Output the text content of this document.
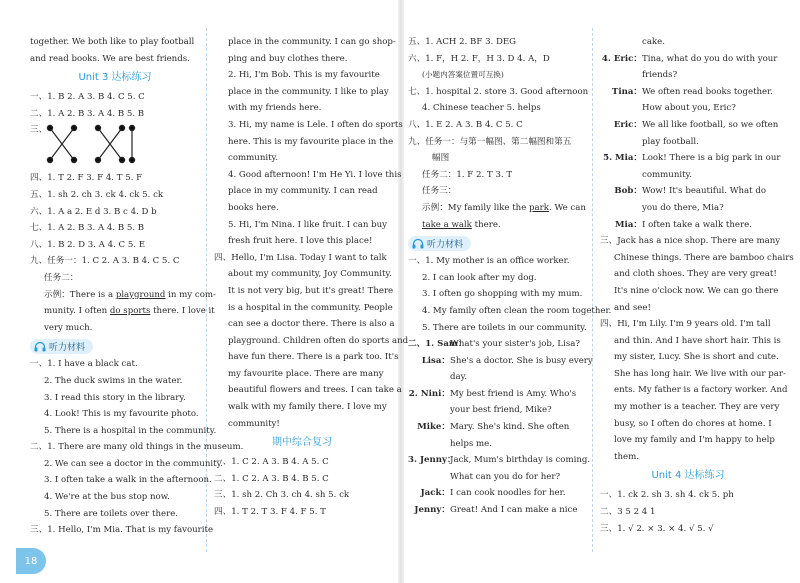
together. We both like to play football
and read books. We are best friends.
Unit 3 达标练习
一、1. B 2. A 3. B 4. C 5. C
二、1. A 2. B 3. A 4. B 5. B
三、
四、1. T 2. F 3. F 4. T 5. F
五、1. sh 2. ch 3. ck 4. ck 5. ck
六、1. A a 2. E d 3. B c 4. D b
七、1. A 2. B 3. A 4. B 5. B
八、1. B 2. D 3. A 4. C 5. E
九、任务一：1. C 2. A 3. B 4. C 5. C
任务二：
示例：There is a playground in my com-
munity. I often do sports there. I love it
very much.
听力材料
一、1. I have a black cat.
2. The duck swims in the water.
3. I read this story in the library.
4. Look! This is my favourite photo.
5. There is a hospital in the community.
二、1. There are many old things in the museum.
2. We can see a doctor in the community.
3. I often take a walk in the afternoon.
4. We're at the bus stop now.
5. There are toilets over there.
三、1. Hello, I'm Mia. That is my favourite
place in the community. I can go shop-
ping and buy clothes there.
2. Hi, I'm Bob. This is my favourite
place in the community. I like to play
with my friends here.
3. Hi, my name is Lele. I often do sports
here. This is my favourite place in the
community.
4. Good afternoon! I'm He Yi. I love this
place in my community. I can read
books here.
5. Hi, I'm Nina. I like fruit. I can buy
fresh fruit here. I love this place!
四、Hello, I'm Lisa. Today I want to talk
about my community, Joy Community.
It is not very big, but it's great! There
is a hospital in the community. People
can see a doctor there. There is also a
playground. Children often do sports and
have fun there. There is a park too. It's
my favourite place. There are many
beautiful flowers and trees. I can take a
walk with my family there. I love my
community!
期中综合复习
一、1. C 2. A 3. B 4. A 5. C
二、1. C 2. A 3. B 4. B 5. C
三、1. sh 2. Ch 3. ch 4. sh 5. ck
四、1. T 2. T 3. F 4. F 5. T
五、1. ACH 2. BF 3. DEG
六、1. F，H 2. F，H 3. D 4. A，D
(小题内答案位置可互换)
七、1. hospital 2. store 3. Good afternoon
4. Chinese teacher 5. helps
八、1. E 2. A 3. B 4. C 5. C
九、任务一：与第一幅图、第二幅图和第五
幅图
任务二：1. F 2. T 3. T
任务三：
示例：My family like the park. We can
take a walk there.
听力材料
一、1. My mother is an office worker.
2. I can look after my dog.
3. I often go shopping with my mum.
4. My family often clean the room together.
5. There are toilets in our community.
二、1. Sam：
What's your sister's job, Lisa?
Lisa： She's a doctor. She is busy every
day.
2. Nini： My best friend is Amy. Who's
your best friend, Mike?
Mike： Mary. She's kind. She often
helps me.
3. Jenny：
Jack, Mum's birthday is coming.
What can you do for her?
Jack： I can cook noodles for her.
Jenny： Great! And I can make a nice
cake.
4. Eric： Tina, what do you do with your
friends?
Tina： We often read books together.
How about you, Eric?
Eric： We all like football, so we often
play football.
5. Mia： Look! There is a big park in our
community.
Bob： Wow! It's beautiful. What do
you do there, Mia?
Mia： I often take a walk there.
三、Jack has a nice shop. There are many
Chinese things. There are bamboo chairs
and cloth shoes. They are very great!
It's nine o'clock now. We can go there
and see!
四、Hi, I'm Lily. I'm 9 years old. I'm tall
and thin. And I have short hair. This is
my sister, Lucy. She is short and cute.
She has long hair. We live with our par-
ents. My father is a factory worker. And
my mother is a teacher. They are very
busy, so I often do chores at home. I
love my family and I'm happy to help
them.
Unit 4 达标练习
一、1. ck 2. sh 3. sh 4. ck 5. ph
二、3 5 2 4 1
三、1. √ 2. × 3. × 4. √ 5. √
18
